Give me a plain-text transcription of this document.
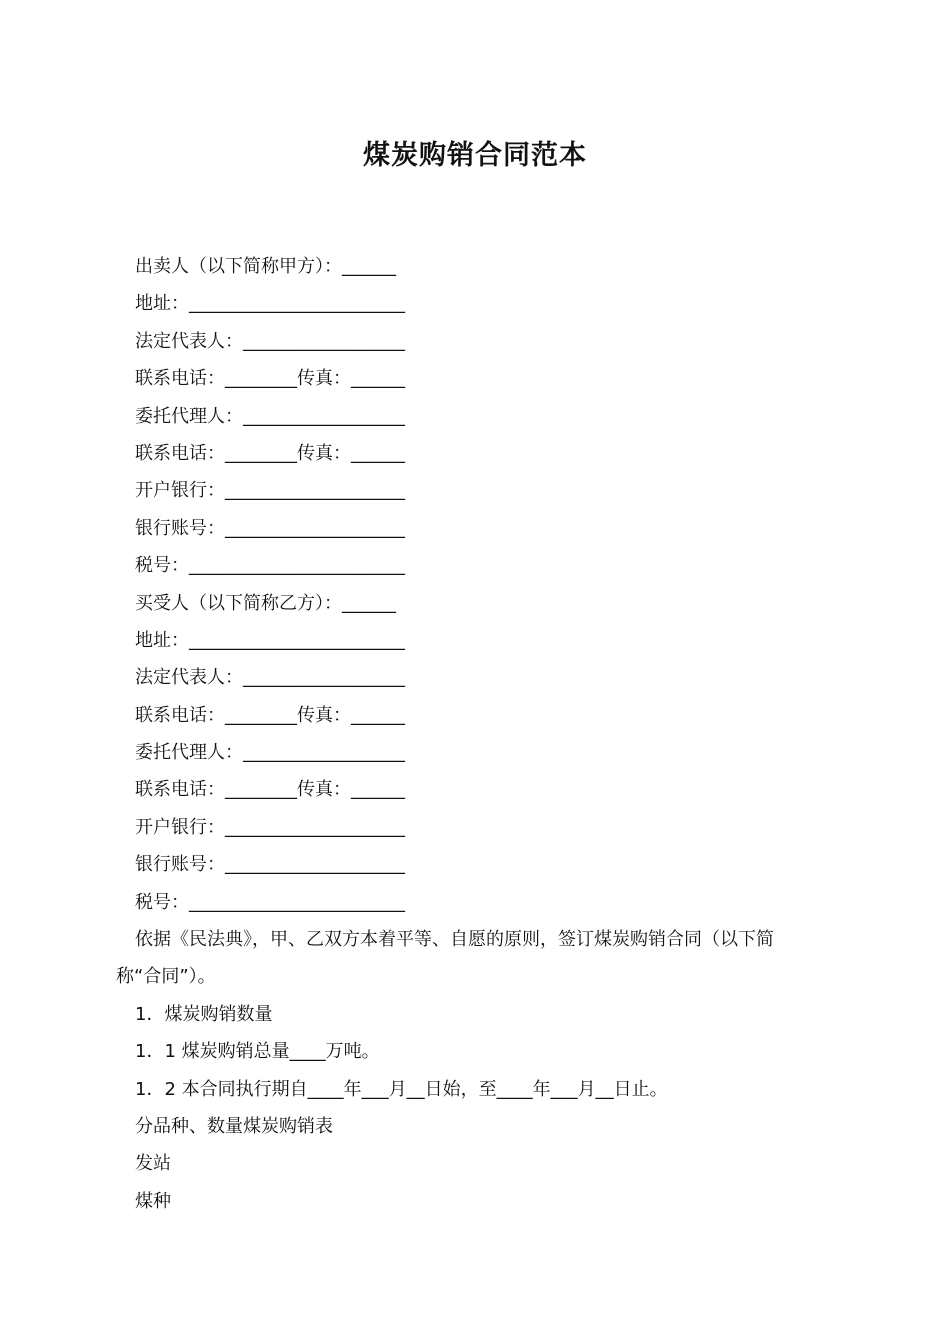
煤炭购销合同范本
出卖人（以下简称甲方）：______
地址：________________________
法定代表人：__________________
联系电话：________传真：______
委托代理人：__________________
联系电话：________传真：______
开户银行：____________________
银行账号：____________________
税号：________________________
买受人（以下简称乙方）：______
地址：________________________
法定代表人：__________________
联系电话：________传真：______
委托代理人：__________________
联系电话：________传真：______
开户银行：____________________
银行账号：____________________
税号：________________________
依据《民法典》，甲、乙双方本着平等、自愿的原则，签订煤炭购销合同（以下简
称“合同”）。
1．煤炭购销数量
1．1 煤炭购销总量____万吨。
1．2 本合同执行期自____年___月__日始，至____年___月__日止。
分品种、数量煤炭购销表
发站
煤种
